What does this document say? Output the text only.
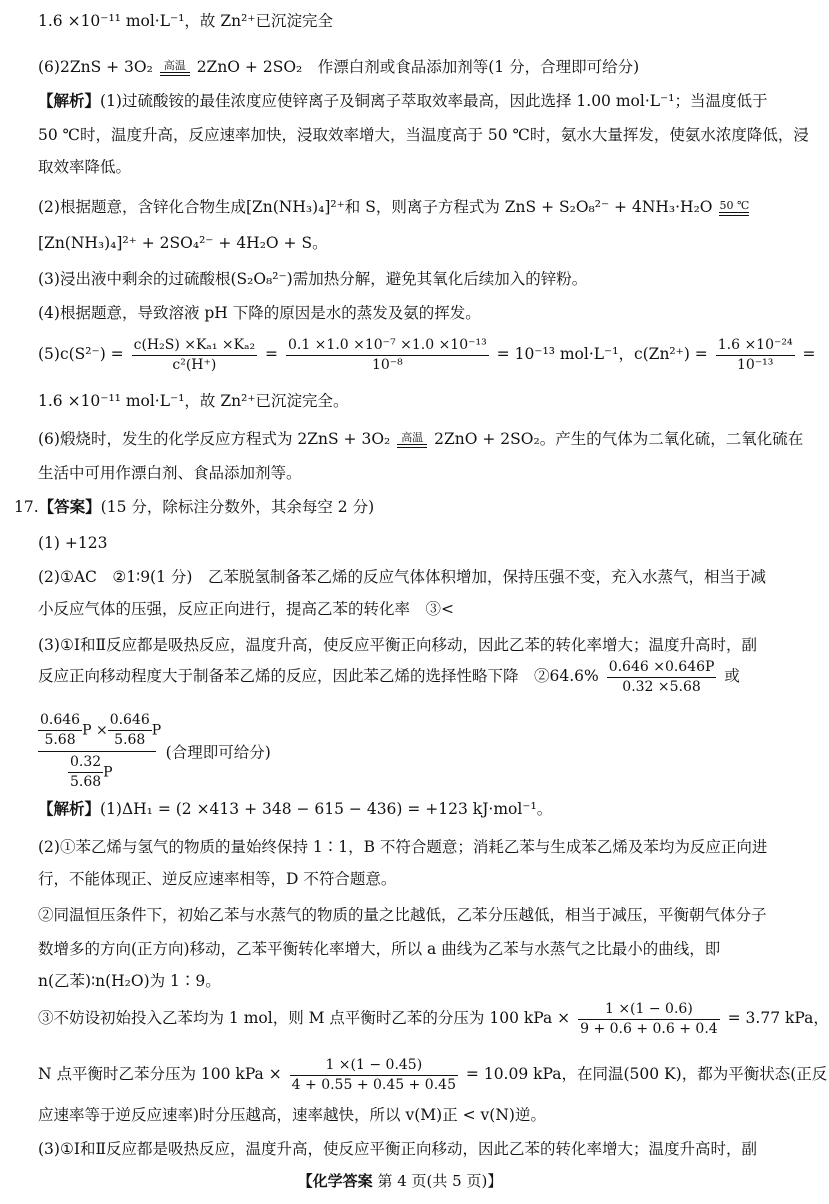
1.6 ×10⁻¹¹ mol·L⁻¹，故 Zn²⁺已沉淀完全
(6)2ZnS + 3O₂ 高温 2ZnO + 2SO₂　作漂白剂或食品添加剂等(1 分，合理即可给分)
【解析】(1)过硫酸铵的最佳浓度应使锌离子及铜离子萃取效率最高，因此选择 1.00 mol·L⁻¹；当温度低于
50 ℃时，温度升高，反应速率加快，浸取效率增大，当温度高于 50 ℃时，氨水大量挥发，使氨水浓度降低，浸
取效率降低。
(2)根据题意，含锌化合物生成[Zn(NH₃)₄]²⁺和 S，则离子方程式为 ZnS + S₂O₈²⁻ + 4NH₃·H₂O 50 ℃
[Zn(NH₃)₄]²⁺ + 2SO₄²⁻ + 4H₂O + S。
(3)浸出液中剩余的过硫酸根(S₂O₈²⁻)需加热分解，避免其氧化后续加入的锌粉。
(4)根据题意，导致溶液 pH 下降的原因是水的蒸发及氨的挥发。
$(5)c(S^{2-}) = \frac{\text{c(H₂S) ×Kₐ₁ ×Kₐ₂}}{\text{c²(H⁺)}} = \frac{\text{0.1 ×1.0 ×10⁻⁷ ×1.0 ×10⁻¹³}}{\text{10⁻⁸}} = 10^{-13}$ mol·L⁻¹，$c(Zn^{2+}) = \frac{\text{1.6 ×10⁻²⁴}}{\text{10⁻¹³}}$ =
1.6 ×10⁻¹¹ mol·L⁻¹，故 Zn²⁺已沉淀完全。
(6)煅烧时，发生的化学反应方程式为 2ZnS + 3O₂ 高温 2ZnO + 2SO₂。产生的气体为二氧化硫，二氧化硫在
生活中可用作漂白剂、食品添加剂等。
17.【答案】(15 分，除标注分数外，其余每空 2 分)
(1) +123
(2)①AC　②1∶9(1 分)　乙苯脱氢制备苯乙烯的反应气体体积增加，保持压强不变，充入水蒸气，相当于减
小反应气体的压强，反应正向进行，提高乙苯的转化率　③<
(3)①Ⅰ和Ⅱ反应都是吸热反应，温度升高，使反应平衡正向移动，因此乙苯的转化率增大；温度升高时，副
反应正向移动程度大于制备苯乙烯的反应，因此苯乙烯的选择性略下降　②64.6% $\frac{0.646 \times 0.646P}{0.32 \times 5.68}$ 或
$\frac{\frac{0.646}{5.68} P \times \frac{0.646}{5.68} P}{\frac{0.32}{5.68} P}$ (合理即可给分)
【解析】(1)ΔH₁ = (2 ×413 + 348 − 615 − 436) = +123 kJ·mol⁻¹。
(2)①苯乙烯与氢气的物质的量始终保持 1∶1，B 不符合题意；消耗乙苯与生成苯乙烯及苯均为反应正向进
行，不能体现正、逆反应速率相等，D 不符合题意。
②同温恒压条件下，初始乙苯与水蒸气的物质的量之比越低，乙苯分压越低，相当于减压，平衡朝气体分子
数增多的方向(正方向)移动，乙苯平衡转化率增大，所以 a 曲线为乙苯与水蒸气之比最小的曲线，即
n(乙苯)∶n(H₂O)为 1∶9。
③不妨设初始投入乙苯均为 1 mol，则 M 点平衡时乙苯的分压为 100 kPa × $\frac{1 \times(1 - 0.6)}{9 + 0.6 + 0.6 + 0.4} = 3.77$ kPa，
N 点平衡时乙苯分压为 100 kPa × $\frac{1 \times(1 - 0.45)}{4 + 0.55 + 0.45 + 0.45} = 10.09$ kPa，在同温(500 K)，都为平衡状态(正反
应速率等于逆反应速率)时分压越高，速率越快，所以 v(M)正 < v(N)逆。
(3)①Ⅰ和Ⅱ反应都是吸热反应，温度升高，使反应平衡正向移动，因此乙苯的转化率增大；温度升高时，副
【化学答案 第 4 页(共 5 页)】
